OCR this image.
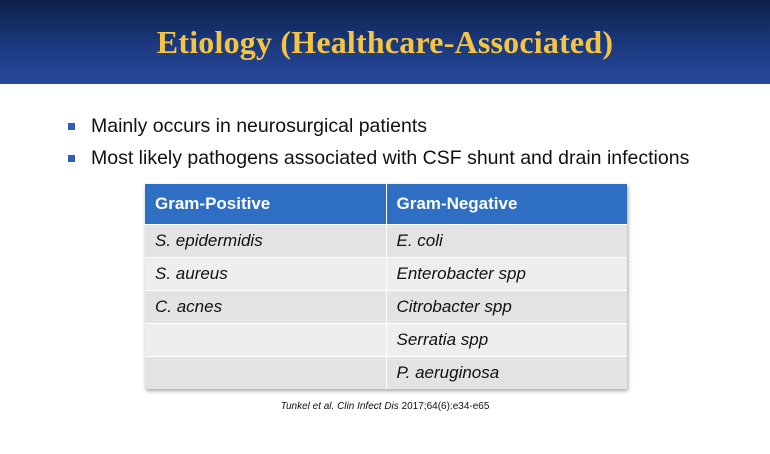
Etiology (Healthcare-Associated)
Mainly occurs in neurosurgical patients
Most likely pathogens associated with CSF shunt and drain infections
Gram-Positive	Gram-Negative
S. epidermidis	E. coli
S. aureus	Enterobacter spp
C. acnes	Citrobacter spp
	Serratia spp
	P. aeruginosa
Tunkel et al. Clin Infect Dis 2017;64(6):e34-e65
